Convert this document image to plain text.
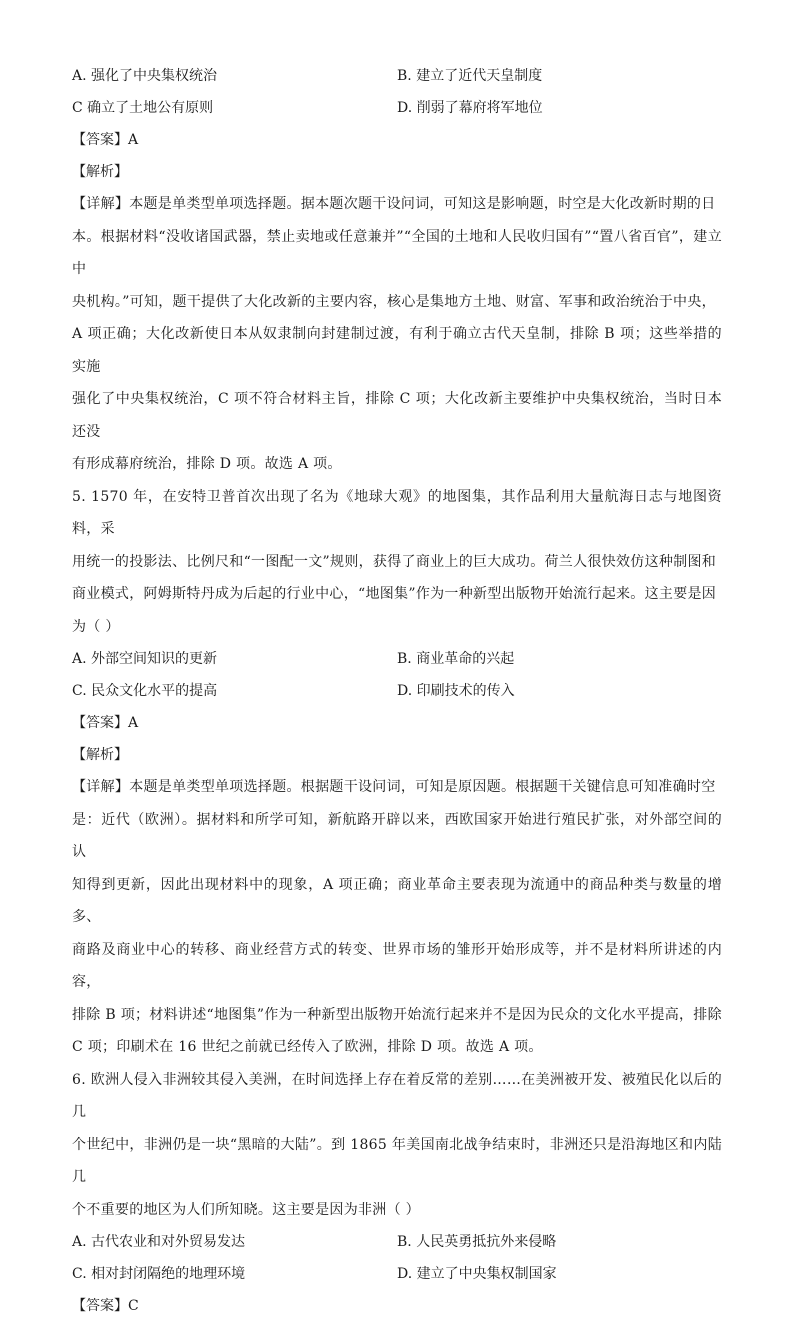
A. 强化了中央集权统治	B. 建立了近代天皇制度
C 确立了土地公有原则	D. 削弱了幕府将军地位
【答案】A
【解析】
【详解】本题是单类型单项选择题。据本题次题干设问词，可知这是影响题，时空是大化改新时期的日
本。根据材料“没收诸国武器，禁止卖地或任意兼并”“全国的土地和人民收归国有”“置八省百官”，建立中
央机构。”可知，题干提供了大化改新的主要内容，核心是集地方土地、财富、军事和政治统治于中央，
A 项正确；大化改新使日本从奴隶制向封建制过渡，有利于确立古代天皇制，排除 B 项；这些举措的实施
强化了中央集权统治，C 项不符合材料主旨，排除 C 项；大化改新主要维护中央集权统治，当时日本还没
有形成幕府统治，排除 D 项。故选 A 项。
5. 1570 年，在安特卫普首次出现了名为《地球大观》的地图集，其作品利用大量航海日志与地图资料，采
用统一的投影法、比例尺和“一图配一文”规则，获得了商业上的巨大成功。荷兰人很快效仿这种制图和
商业模式，阿姆斯特丹成为后起的行业中心，“地图集”作为一种新型出版物开始流行起来。这主要是因
为（ ）
A. 外部空间知识的更新	B. 商业革命的兴起
C. 民众文化水平的提高	D. 印刷技术的传入
【答案】A
【解析】
【详解】本题是单类型单项选择题。根据题干设问词，可知是原因题。根据题干关键信息可知准确时空
是：近代（欧洲）。据材料和所学可知，新航路开辟以来，西欧国家开始进行殖民扩张，对外部空间的认
知得到更新，因此出现材料中的现象，A 项正确；商业革命主要表现为流通中的商品种类与数量的增多、
商路及商业中心的转移、商业经营方式的转变、世界市场的雏形开始形成等，并不是材料所讲述的内容，
排除 B 项；材料讲述“地图集”作为一种新型出版物开始流行起来并不是因为民众的文化水平提高，排除
C 项；印刷术在 16 世纪之前就已经传入了欧洲，排除 D 项。故选 A 项。
6. 欧洲人侵入非洲较其侵入美洲，在时间选择上存在着反常的差别……在美洲被开发、被殖民化以后的几
个世纪中，非洲仍是一块“黑暗的大陆”。到 1865 年美国南北战争结束时，非洲还只是沿海地区和内陆几
个不重要的地区为人们所知晓。这主要是因为非洲（ ）
A. 古代农业和对外贸易发达	B. 人民英勇抵抗外来侵略
C. 相对封闭隔绝的地理环境	D. 建立了中央集权制国家
【答案】C
